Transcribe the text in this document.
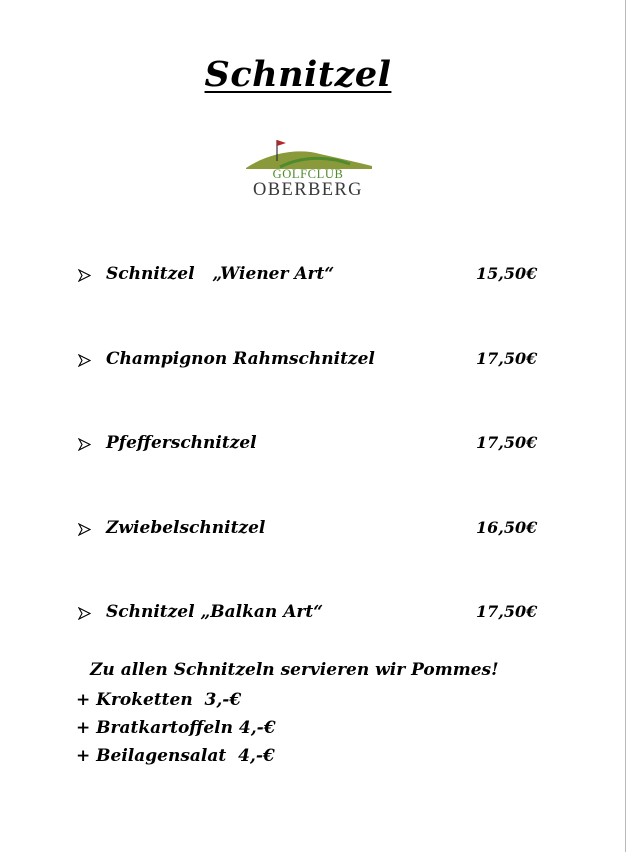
Schnitzel
GOLFCLUB
OBERBERG
Schnitzel   „Wiener Art“	15,50€
Champignon Rahmschnitzel	17,50€
Pfefferschnitzel	17,50€
Zwiebelschnitzel	16,50€
Schnitzel „Balkan Art“	17,50€
Zu allen Schnitzeln servieren wir Pommes!
+ Kroketten  3,-€
+ Bratkartoffeln 4,-€
+ Beilagensalat  4,-€
